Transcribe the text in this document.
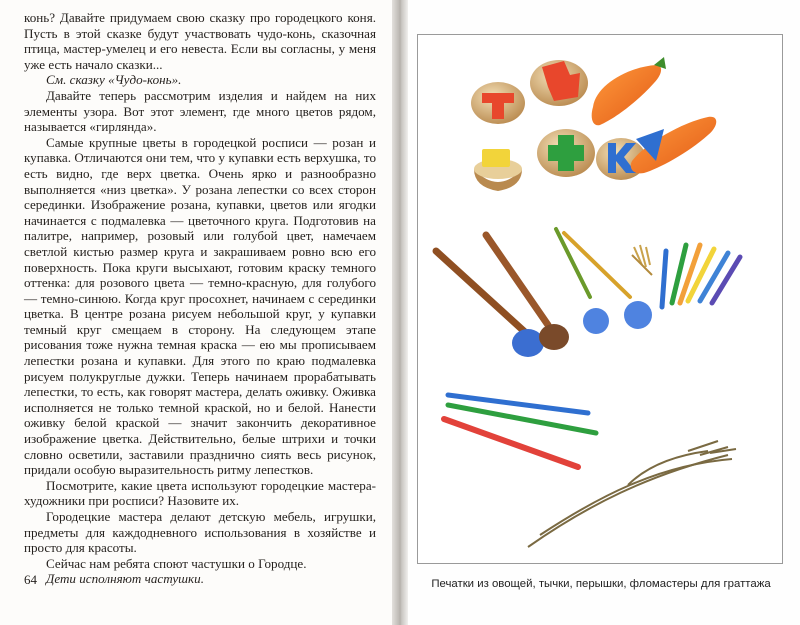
конь? Давайте придумаем свою сказку про городецкого коня. Пусть в этой сказке будут участвовать чудо-конь, сказочная птица, мастер-умелец и его невеста. Если вы согласны, у меня уже есть начало сказки...

См. сказку «Чудо-конь».

Давайте теперь рассмотрим изделия и найдем на них элементы узора. Вот этот элемент, где много цветов рядом, называется «гирлянда».

Самые крупные цветы в городецкой росписи — розан и купавка. Отличаются они тем, что у купавки есть верхушка, то есть видно, где верх цветка. Очень ярко и разнообразно выполняется «низ цветка». У розана лепестки со всех сторон серединки. Изображение розана, купавки, цветов или ягодки начинается с подмалевка — цветочного круга. Подготовив на палитре, например, розовый или голубой цвет, намечаем светлой кистью размер круга и закрашиваем ровно всю его поверхность. Пока круги высыхают, готовим краску темного оттенка: для розового цвета — темно-красную, для голубого — темно-синюю. Когда круг просохнет, начинаем с серединки цветка. В центре розана рисуем небольшой круг, у купавки темный круг смещаем в сторону. На следующем этапе рисования тоже нужна темная краска — ею мы прописываем лепестки розана и купавки. Для этого по краю подмалевка рисуем полукруглые дужки. Теперь начинаем прорабатывать лепестки, то есть, как говорят мастера, делать оживку. Оживка исполняется не только темной краской, но и белой. Нанести оживку белой краской — значит закончить декоративное изображение цветка. Действительно, белые штрихи и точки словно осветили, заставили празднично сиять весь рисунок, придали особую выразительность ритму лепестков.

Посмотрите, какие цвета используют городецкие мастера-художники при росписи? Назовите их.

Городецкие мастера делают детскую мебель, игрушки, предметы для каждодневного использования в хозяйстве и просто для красоты.

Сейчас нам ребята споют частушки о Городце.

Дети исполняют частушки.

64	Печатки из овощей, тычки, перышки, фломастеры для граттажа
